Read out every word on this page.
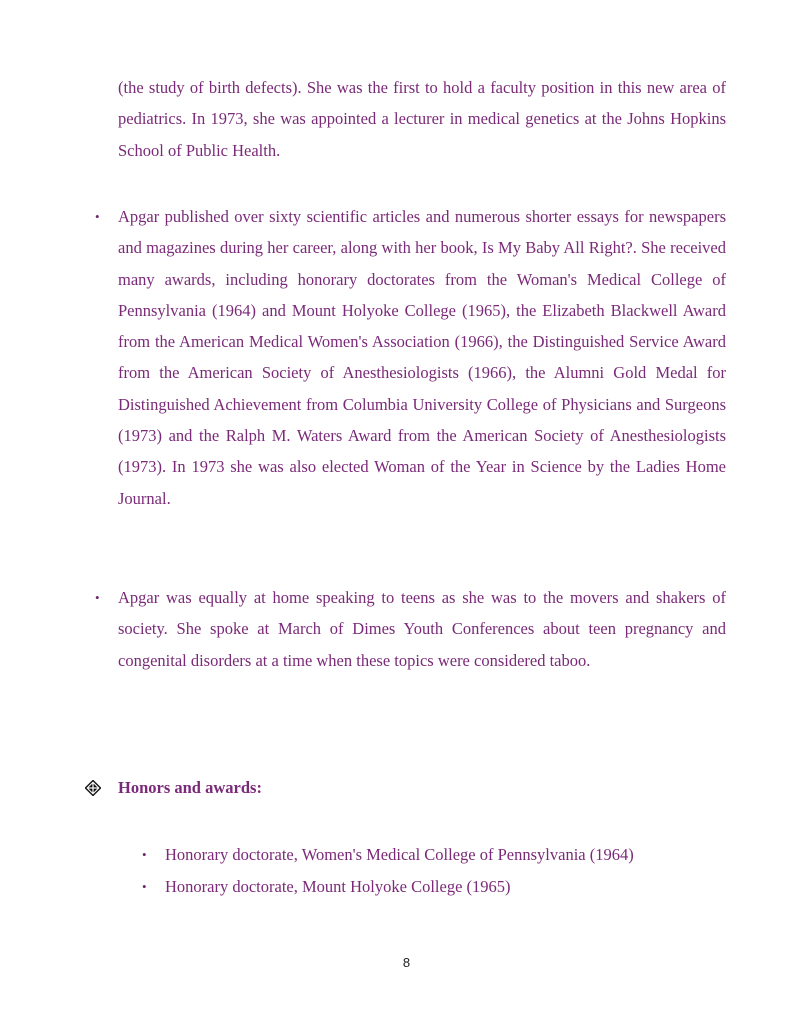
(the study of birth defects). She was the first to hold a faculty position in this new area of pediatrics. In 1973, she was appointed a lecturer in medical genetics at the Johns Hopkins School of Public Health.

• Apgar published over sixty scientific articles and numerous shorter essays for newspapers and magazines during her career, along with her book, Is My Baby All Right?. She received many awards, including honorary doctorates from the Woman's Medical College of Pennsylvania (1964) and Mount Holyoke College (1965), the Elizabeth Blackwell Award from the American Medical Women's Association (1966), the Distinguished Service Award from the American Society of Anesthesiologists (1966), the Alumni Gold Medal for Distinguished Achievement from Columbia University College of Physicians and Surgeons (1973) and the Ralph M. Waters Award from the American Society of Anesthesiologists (1973). In 1973 she was also elected Woman of the Year in Science by the Ladies Home Journal.

• Apgar was equally at home speaking to teens as she was to the movers and shakers of society. She spoke at March of Dimes Youth Conferences about teen pregnancy and congenital disorders at a time when these topics were considered taboo.

Honors and awards:
•	Honorary doctorate, Women's Medical College of Pennsylvania (1964)
•	Honorary doctorate, Mount Holyoke College (1965)
8
